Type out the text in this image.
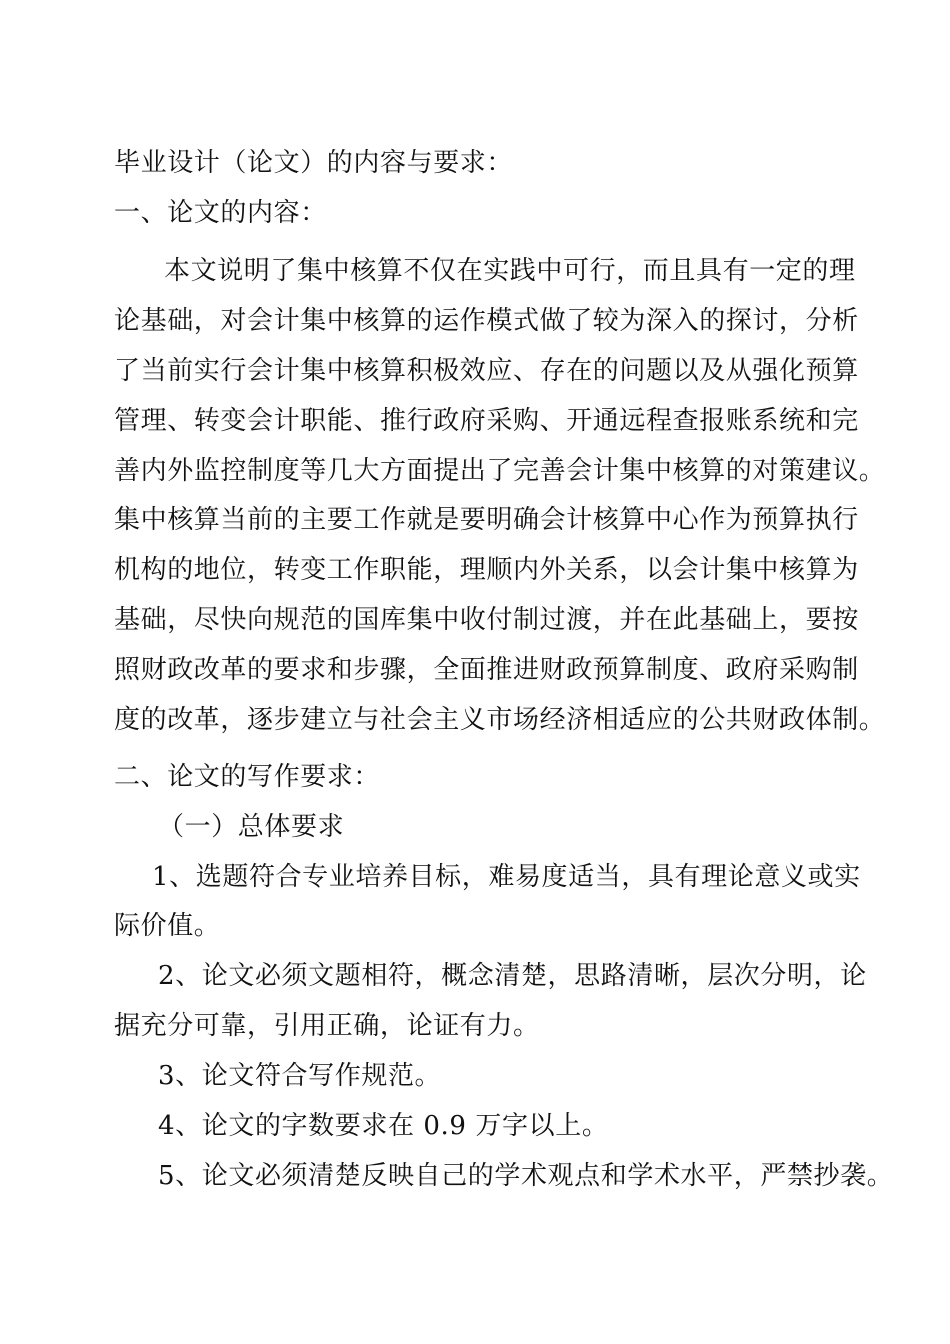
毕业设计（论文）的内容与要求：
一、论文的内容：
本文说明了集中核算不仅在实践中可行，而且具有一定的理
论基础，对会计集中核算的运作模式做了较为深入的探讨，分析
了当前实行会计集中核算积极效应、存在的问题以及从强化预算
管理、转变会计职能、推行政府采购、开通远程查报账系统和完
善内外监控制度等几大方面提出了完善会计集中核算的对策建议。
集中核算当前的主要工作就是要明确会计核算中心作为预算执行
机构的地位，转变工作职能，理顺内外关系，以会计集中核算为
基础，尽快向规范的国库集中收付制过渡，并在此基础上，要按
照财政改革的要求和步骤，全面推进财政预算制度、政府采购制
度的改革，逐步建立与社会主义市场经济相适应的公共财政体制。
二、论文的写作要求：
（一）总体要求
1、选题符合专业培养目标，难易度适当，具有理论意义或实
际价值。
2、论文必须文题相符，概念清楚，思路清晰，层次分明，论
据充分可靠，引用正确，论证有力。
3、论文符合写作规范。
4、论文的字数要求在 0.9 万字以上。
5、论文必须清楚反映自己的学术观点和学术水平，严禁抄袭。
